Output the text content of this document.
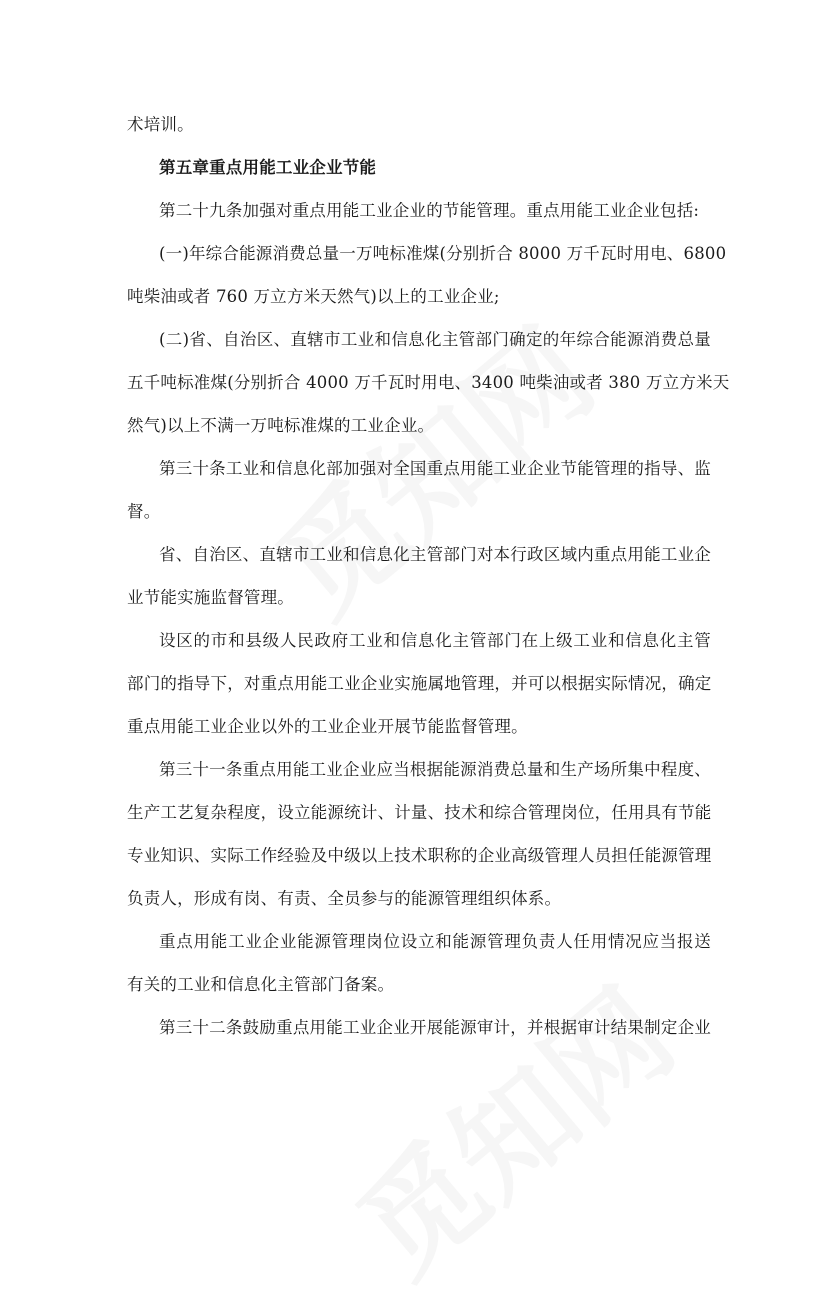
术培训。

第五章重点用能工业企业节能

第二十九条加强对重点用能工业企业的节能管理。重点用能工业企业包括:

(一)年综合能源消费总量一万吨标准煤(分别折合 8000 万千瓦时用电、6800

吨柴油或者 760 万立方米天然气)以上的工业企业;

(二)省、自治区、直辖市工业和信息化主管部门确定的年综合能源消费总量

五千吨标准煤(分别折合 4000 万千瓦时用电、3400 吨柴油或者 380 万立方米天

然气)以上不满一万吨标准煤的工业企业。

第三十条工业和信息化部加强对全国重点用能工业企业节能管理的指导、监

督。

省、自治区、直辖市工业和信息化主管部门对本行政区域内重点用能工业企

业节能实施监督管理。

设区的市和县级人民政府工业和信息化主管部门在上级工业和信息化主管

部门的指导下，对重点用能工业企业实施属地管理，并可以根据实际情况，确定

重点用能工业企业以外的工业企业开展节能监督管理。

第三十一条重点用能工业企业应当根据能源消费总量和生产场所集中程度、

生产工艺复杂程度，设立能源统计、计量、技术和综合管理岗位，任用具有节能

专业知识、实际工作经验及中级以上技术职称的企业高级管理人员担任能源管理

负责人，形成有岗、有责、全员参与的能源管理组织体系。

重点用能工业企业能源管理岗位设立和能源管理负责人任用情况应当报送

有关的工业和信息化主管部门备案。

第三十二条鼓励重点用能工业企业开展能源审计，并根据审计结果制定企业
